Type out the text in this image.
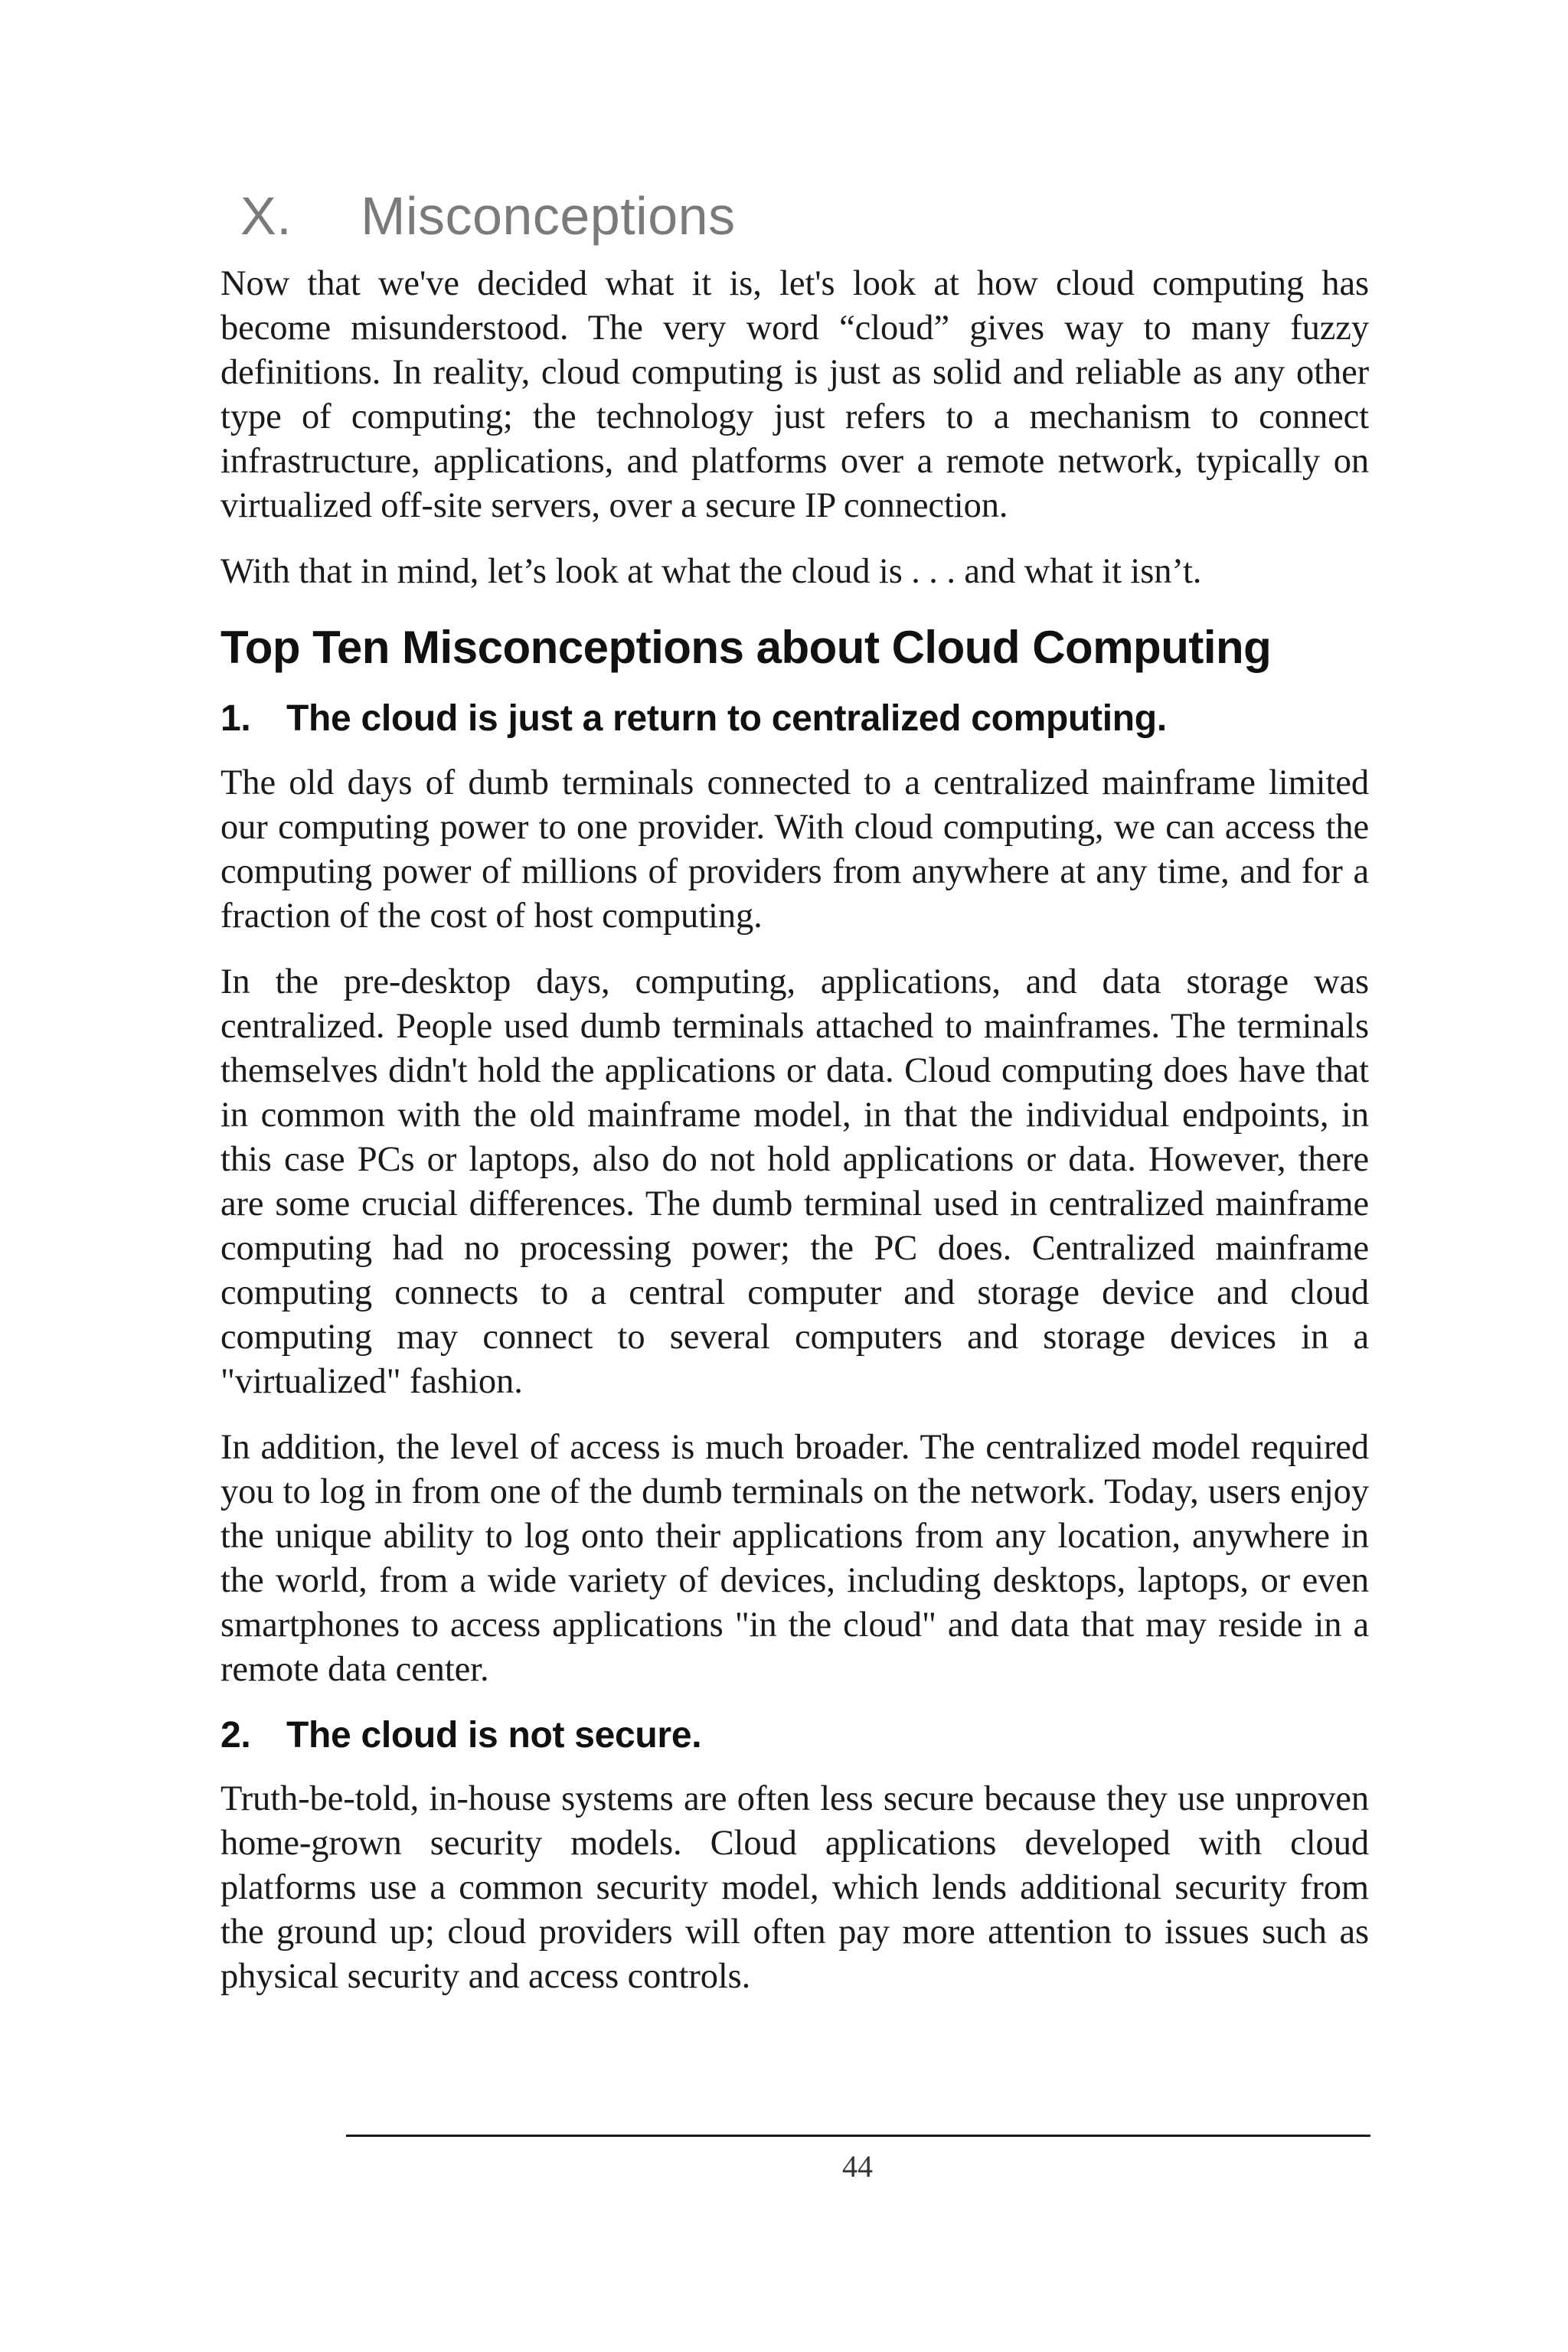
X. Misconceptions

Now that we've decided what it is, let's look at how cloud computing has become misunderstood. The very word “cloud” gives way to many fuzzy definitions. In reality, cloud computing is just as solid and reliable as any other type of computing; the technology just refers to a mechanism to connect infrastructure, applications, and platforms over a remote network, typically on virtualized off-site servers, over a secure IP connection.

With that in mind, let’s look at what the cloud is . . . and what it isn’t.

Top Ten Misconceptions about Cloud Computing
1. The cloud is just a return to centralized computing.

The old days of dumb terminals connected to a centralized mainframe limited our computing power to one provider. With cloud computing, we can access the computing power of millions of providers from anywhere at any time, and for a fraction of the cost of host computing.

In the pre-desktop days, computing, applications, and data storage was centralized. People used dumb terminals attached to mainframes. The terminals themselves didn't hold the applications or data. Cloud computing does have that in common with the old mainframe model, in that the individual endpoints, in this case PCs or laptops, also do not hold applications or data. However, there are some crucial differences. The dumb terminal used in centralized mainframe computing had no processing power; the PC does. Centralized mainframe computing connects to a central computer and storage device and cloud computing may connect to several computers and storage devices in a "virtualized" fashion.

In addition, the level of access is much broader. The centralized model required you to log in from one of the dumb terminals on the network. Today, users enjoy the unique ability to log onto their applications from any location, anywhere in the world, from a wide variety of devices, including desktops, laptops, or even smartphones to access applications "in the cloud" and data that may reside in a remote data center.

2. The cloud is not secure.

Truth-be-told, in-house systems are often less secure because they use unproven home-grown security models. Cloud applications developed with cloud platforms use a common security model, which lends additional security from the ground up; cloud providers will often pay more attention to issues such as physical security and access controls.

44
